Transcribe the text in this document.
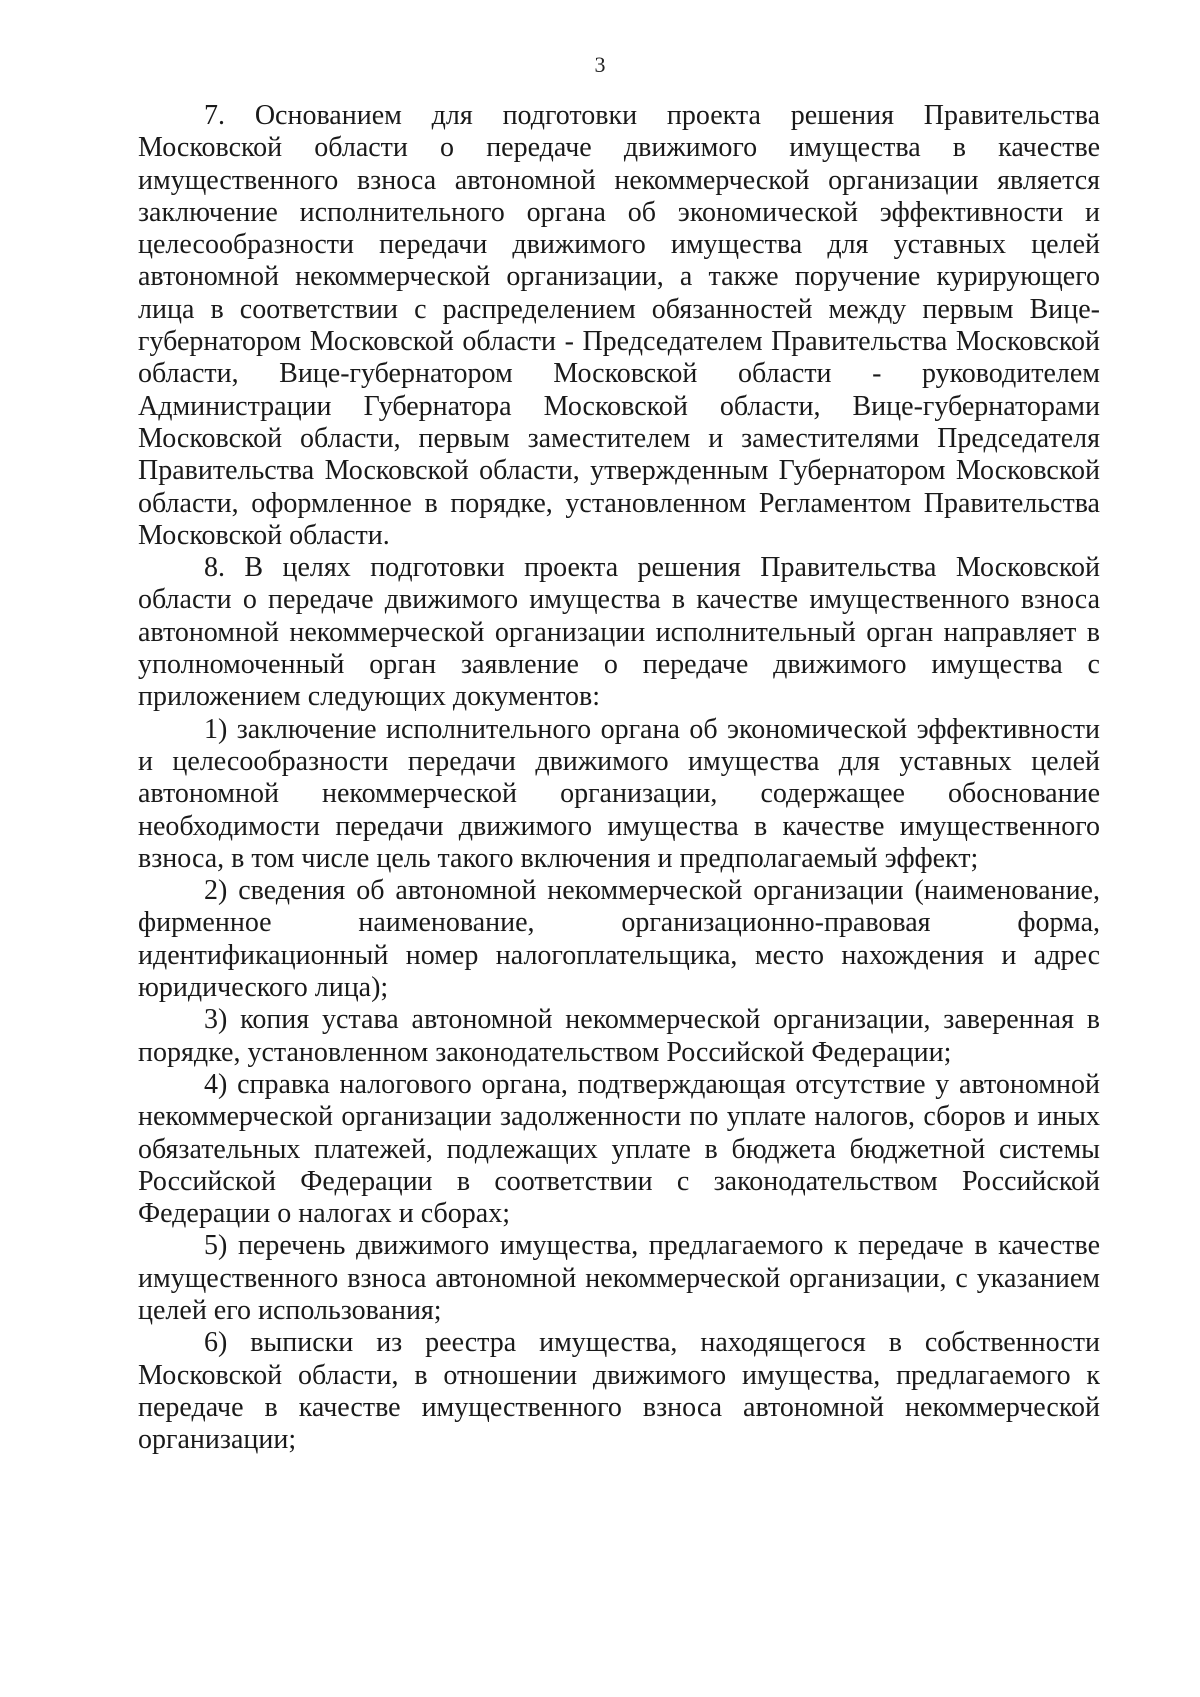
3

7. Основанием для подготовки проекта решения Правительства Московской области о передаче движимого имущества в качестве имущественного взноса автономной некоммерческой организации является заключение исполнительного органа об экономической эффективности и целесообразности передачи движимого имущества для уставных целей автономной некоммерческой организации, а также поручение курирующего лица в соответствии с распределением обязанностей между первым Вице-губернатором Московской области - Председателем Правительства Московской области, Вице-губернатором Московской области - руководителем Администрации Губернатора Московской области, Вице-губернаторами Московской области, первым заместителем и заместителями Председателя Правительства Московской области, утвержденным Губернатором Московской области, оформленное в порядке, установленном Регламентом Правительства Московской области.

8. В целях подготовки проекта решения Правительства Московской области о передаче движимого имущества в качестве имущественного взноса автономной некоммерческой организации исполнительный орган направляет в уполномоченный орган заявление о передаче движимого имущества с приложением следующих документов:

1) заключение исполнительного органа об экономической эффективности и целесообразности передачи движимого имущества для уставных целей автономной некоммерческой организации, содержащее обоснование необходимости передачи движимого имущества в качестве имущественного взноса, в том числе цель такого включения и предполагаемый эффект;

2) сведения об автономной некоммерческой организации (наименование, фирменное наименование, организационно-правовая форма, идентификационный номер налогоплательщика, место нахождения и адрес юридического лица);

3) копия устава автономной некоммерческой организации, заверенная в порядке, установленном законодательством Российской Федерации;

4) справка налогового органа, подтверждающая отсутствие у автономной некоммерческой организации задолженности по уплате налогов, сборов и иных обязательных платежей, подлежащих уплате в бюджета бюджетной системы Российской Федерации в соответствии с законодательством Российской Федерации о налогах и сборах;

5) перечень движимого имущества, предлагаемого к передаче в качестве имущественного взноса автономной некоммерческой организации, с указанием целей его использования;

6) выписки из реестра имущества, находящегося в собственности Московской области, в отношении движимого имущества, предлагаемого к передаче в качестве имущественного взноса автономной некоммерческой организации;
